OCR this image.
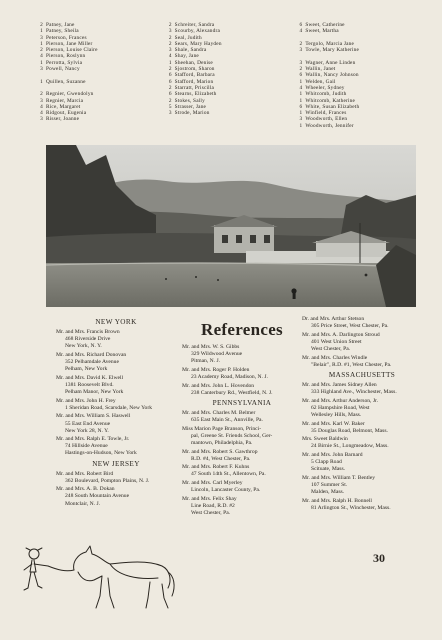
2 Patney, Jane
1 Patney, Sheila
3 Peterson, Frances
1 Pierson, Jane Miller
2 Pierson, Louise Claire
4 Pierson, Roslynn
1 Perrotta, Sylvia
3 Powell, Nancy
1 Quillen, Suzanne
2 Regnier, Gwendolyn
3 Regnier, Marcia
4 Rice, Margaret
4 Ridgout, Eugenia
3 Risser, Joanne
2 Schreiter, Sandra
3 Scourby, Alexandra
2 Seal, Judith
2 Sears, Mary Hayden
3 Shale, Sandra
4 Shay, Jane
1 Sheehan, Denise
2 Sjostrom, Sharon
6 Stafford, Barbara
6 Stafford, Marion
2 Starratt, Priscilla
6 Stearns, Elizabeth
2 Stokes, Sally
5 Strasser, Jane
3 Strode, Marion
6 Sweet, Catherine
4 Sweet, Martha
2 Tergolo, Marcia Jane
3 Towle, Mary Katherine
3 Wagner, Anne Linden
2 Wallin, Janet
6 Wallin, Nancy Johnson
1 Welden, Gail
4 Wheeler, Sydney
1 Whitcomb, Judith
1 Whitcomb, Katherine
6 White, Susan Elizabeth
1 Winfield, Frances
3 Woodworth, Ellen
1 Woodworth, Jennifer
NEW YORK
Mr. and Mrs. Francis Brown
468 Riverside Drive
New York, N. Y.
Mr. and Mrs. Richard Donovan
352 Pelhamdale Avenue
Pelham, New York
Mr. and Mrs. David K. Elwell
1381 Roosevelt Blvd.
Pelham Manor, New York
Mr. and Mrs. John H. Frey
1 Sheridan Road, Scarsdale, New York
Mr. and Mrs. William S. Haswell
55 East End Avenue
New York 28, N. Y.
Mr. and Mrs. Ralph E. Towle, Jr.
74 Hillside Avenue
Hastings-on-Hudson, New York
NEW JERSEY
Mr. and Mrs. Robert Bird
362 Boulevard, Pompton Plains, N. J.
Mr. and Mrs. A. B. Dokan
248 South Mountain Avenue
Montclair, N. J.
References
Mr. and Mrs. W. S. Gibbs
329 Wildwood Avenue
Pitman, N. J.
Mr. and Mrs. Roger P. Holden
23 Academy Road, Madison, N. J.
Mr. and Mrs. John L. Hovendon
238 Canterbury Rd., Westfield, N. J.
PENNSYLVANIA
Mr. and Mrs. Charles M. Belmer
635 East Main St., Annville, Pa.
Miss Marion Page Branson, Princi-
pal, Greene St. Friends School, Ger-
mantown, Philadelphia, Pa.
Mr. and Mrs. Robert S. Gawthrop
R.D. #4, West Chester, Pa.
Mr. and Mrs. Robert F. Kuhns
47 South 14th St., Allentown, Pa.
Mr. and Mrs. Carl Myerley
Lincoln, Lancaster County, Pa.
Mr. and Mrs. Felix Shay
Line Road, R.D. #2
West Chester, Pa.
Dr. and Mrs. Arthur Stetson
305 Price Street, West Chester, Pa.
Mr. and Mrs. A. Darlington Stroud
401 West Union Street
West Chester, Pa.
Mr. and Mrs. Charles Windle
"Belair", R.D. #1, West Chester, Pa.
MASSACHUSETTS
Mr. and Mrs. James Sidney Allen
333 Highland Ave., Winchester, Mass.
Mr. and Mrs. Arthur Anderson, Jr.
62 Hampshire Road, West
Wellesley Hills, Mass.
Mr. and Mrs. Karl W. Baker
35 Douglas Road, Belmont, Mass.
Mrs. Sweet Baldwin
24 Birnie St., Longmeadow, Mass.
Mr. and Mrs. John Barnard
5 Clapp Road
Scituate, Mass.
Mr. and Mrs. William T. Bentley
107 Summer St.
Malden, Mass.
Mr. and Mrs. Ralph H. Bonnell
81 Arlington St., Winchester, Mass.
30
